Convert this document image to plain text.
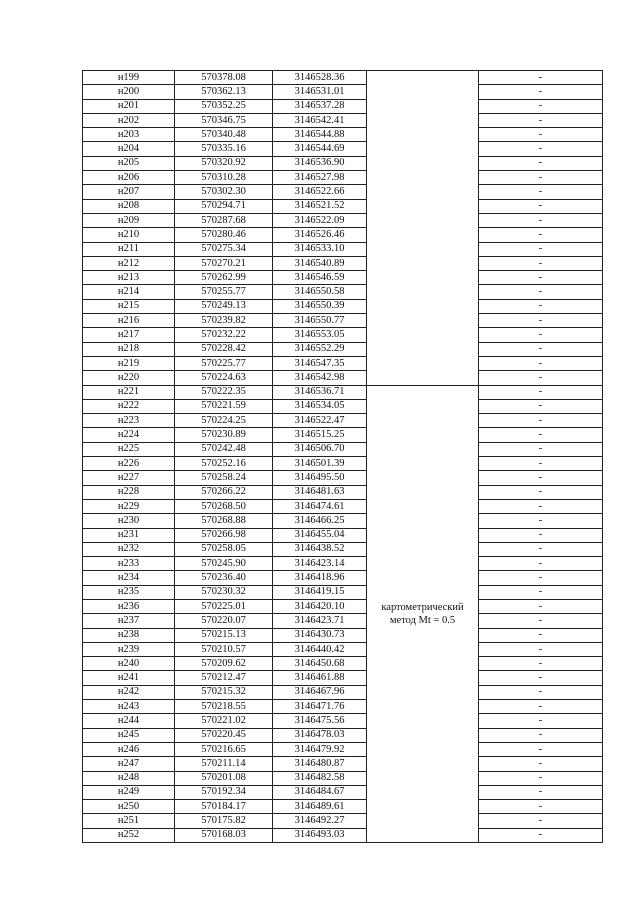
н199	570378.08	3146528.36		-
н200	570362.13	3146531.01		-
н201	570352.25	3146537.28		-
н202	570346.75	3146542.41		-
н203	570340.48	3146544.88		-
н204	570335.16	3146544.69		-
н205	570320.92	3146536.90		-
н206	570310.28	3146527.98		-
н207	570302.30	3146522.66		-
н208	570294.71	3146521.52		-
н209	570287.68	3146522.09		-
н210	570280.46	3146526.46		-
н211	570275.34	3146533.10		-
н212	570270.21	3146540.89		-
н213	570262.99	3146546.59		-
н214	570255.77	3146550.58		-
н215	570249.13	3146550.39		-
н216	570239.82	3146550.77		-
н217	570232.22	3146553.05		-
н218	570228.42	3146552.29		-
н219	570225.77	3146547.35		-
н220	570224.63	3146542.98		-
н221	570222.35	3146536.71	картометрический
метод Mt = 0.5	-
н222	570221.59	3146534.05		-
н223	570224.25	3146522.47		-
н224	570230.89	3146515.25		-
н225	570242.48	3146506.70		-
н226	570252.16	3146501.39		-
н227	570258.24	3146495.50		-
н228	570266.22	3146481.63		-
н229	570268.50	3146474.61		-
н230	570268.88	3146466.25		-
н231	570266.98	3146455.04		-
н232	570258.05	3146438.52		-
н233	570245.90	3146423.14		-
н234	570236.40	3146418.96		-
н235	570230.32	3146419.15		-
н236	570225.01	3146420.10		-
н237	570220.07	3146423.71		-
н238	570215.13	3146430.73		-
н239	570210.57	3146440.42		-
н240	570209.62	3146450.68		-
н241	570212.47	3146461.88		-
н242	570215.32	3146467.96		-
н243	570218.55	3146471.76		-
н244	570221.02	3146475.56		-
н245	570220.45	3146478.03		-
н246	570216.65	3146479.92		-
н247	570211.14	3146480.87		-
н248	570201.08	3146482.58		-
н249	570192.34	3146484.67		-
н250	570184.17	3146489.61		-
н251	570175.82	3146492.27		-
н252	570168.03	3146493.03		-
